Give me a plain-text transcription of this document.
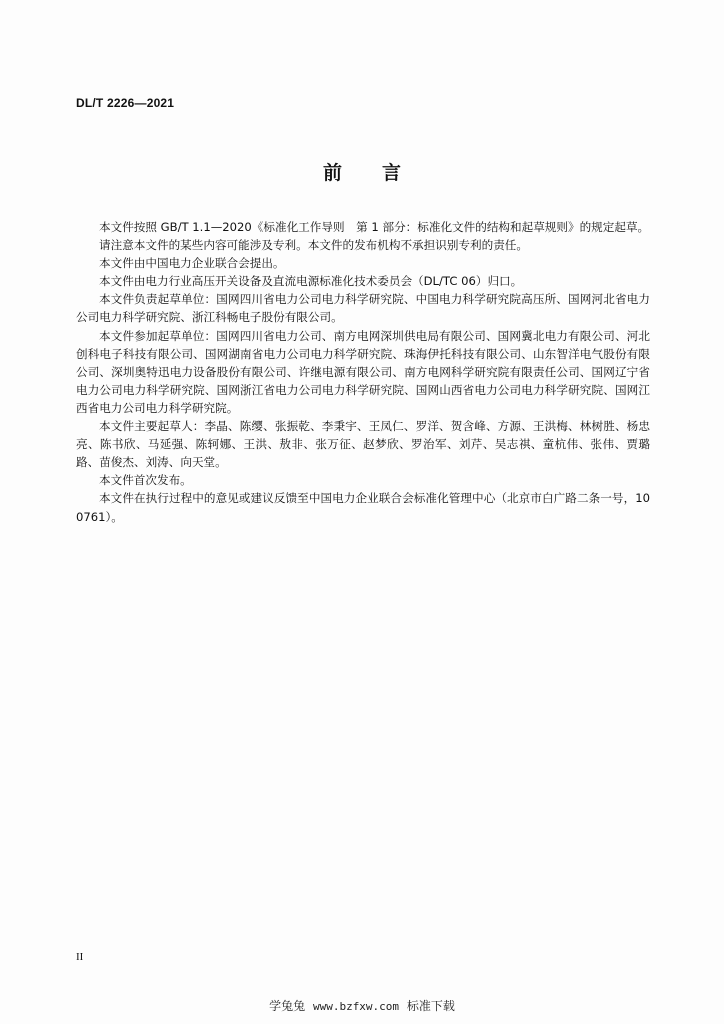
DL/T 2226—2021
前言

本文件按照 GB/T 1.1—2020《标准化工作导则　第 1 部分：标准化文件的结构和起草规则》的规定起草。

请注意本文件的某些内容可能涉及专利。本文件的发布机构不承担识别专利的责任。

本文件由中国电力企业联合会提出。

本文件由电力行业高压开关设备及直流电源标准化技术委员会（DL/TC 06）归口。

本文件负责起草单位：国网四川省电力公司电力科学研究院、中国电力科学研究院高压所、国网河北省电力公司电力科学研究院、浙江科畅电子股份有限公司。

本文件参加起草单位：国网四川省电力公司、南方电网深圳供电局有限公司、国网冀北电力有限公司、河北创科电子科技有限公司、国网湖南省电力公司电力科学研究院、珠海伊托科技有限公司、山东智洋电气股份有限公司、深圳奥特迅电力设备股份有限公司、许继电源有限公司、南方电网科学研究院有限责任公司、国网辽宁省电力公司电力科学研究院、国网浙江省电力公司电力科学研究院、国网山西省电力公司电力科学研究院、国网江西省电力公司电力科学研究院。

本文件主要起草人：李晶、陈缨、张振乾、李秉宇、王凤仁、罗洋、贺含峰、方源、王洪梅、林树胜、杨忠亮、陈书欣、马延强、陈轲娜、王洪、敖非、张万征、赵梦欣、罗治军、刘芹、吴志祺、童杭伟、张伟、贾璐路、苗俊杰、刘涛、向天堂。

本文件首次发布。

本文件在执行过程中的意见或建议反馈至中国电力企业联合会标准化管理中心（北京市白广路二条一号，100761）。

II
学兔兔 www.bzfxw.com 标准下载
